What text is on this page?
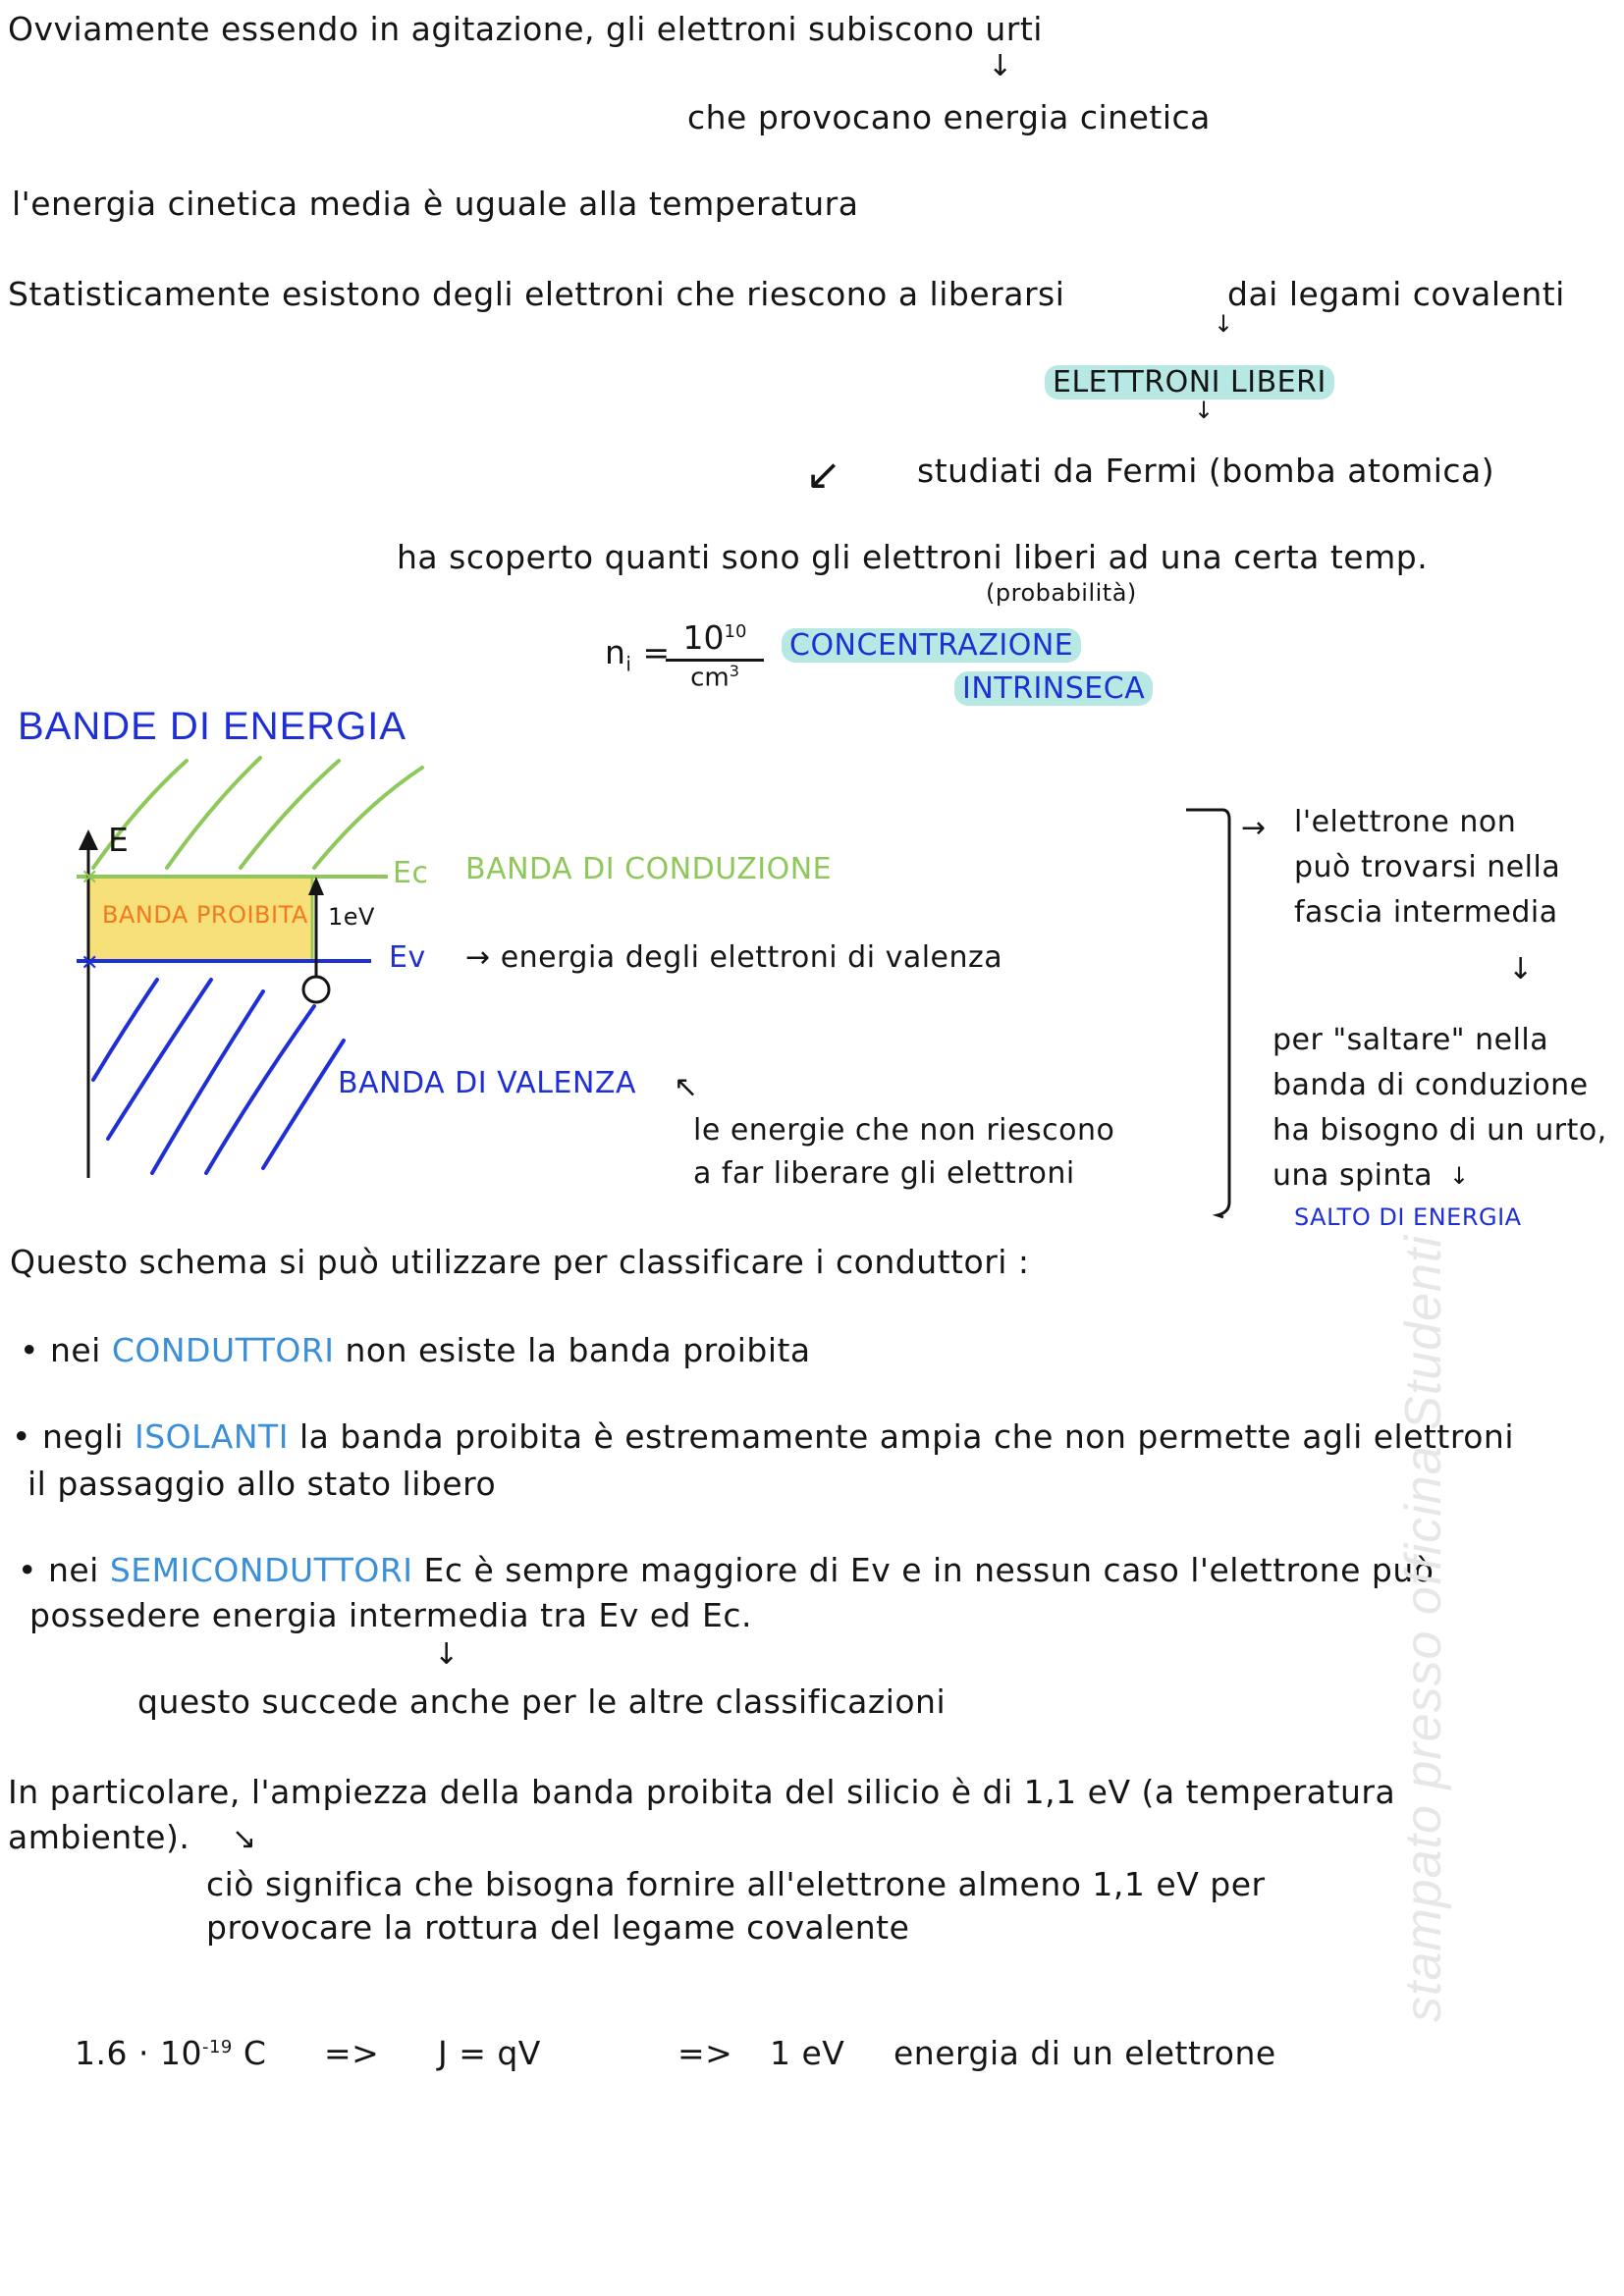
Ovviamente essendo in agitazione, gli elettroni subiscono urti
↓
che provocano energia cinetica
l'energia cinetica media è uguale alla temperatura
Statisticamente esistono degli elettroni che riescono a liberarsi
↓
dai legami covalenti
ELETTRONI LIBERI
↓
↙ studiati da Fermi (bomba atomica)
ha scoperto quanti sono gli elettroni liberi ad una certa temp.
(probabilità)
$n_i = 10^{10}$
$cm^3$
CONCENTRAZIONE
INTRINSECA
BANDE DI ENERGIA
✕
✕
E
Ec BANDA DI CONDUZIONE
BANDA PROIBITA 1eV
Ev → energia degli elettroni di valenza
BANDA DI VALENZA ↖
le energie che non riescono
a far liberare gli elettroni
→ l'elettrone non
può trovarsi nella
fascia intermedia
↓
per "saltare" nella
banda di conduzione
ha bisogno di un urto,
una spinta ↓
SALTO DI ENERGIA
Questo schema si può utilizzare per classificare i conduttori :
• nei CONDUTTORI non esiste la banda proibita
• negli ISOLANTI la banda proibita è estremamente ampia che non permette agli elettroni
il passaggio allo stato libero
• nei SEMICONDUTTORI Ec è sempre maggiore di Ev e in nessun caso l'elettrone può
possedere energia intermedia tra Ev ed Ec.
↓
questo succede anche per le altre classificazioni
In particolare, l'ampiezza della banda proibita del silicio è di 1,1 eV (a temperatura
ambiente). ↘
ciò significa che bisogna fornire all'elettrone almeno 1,1 eV per
provocare la rottura del legame covalente
$1.6 \cdot 10^{-19}$ C => J = qV	=> 1 eV energia di un elettrone
stampato presso officina Studenti
